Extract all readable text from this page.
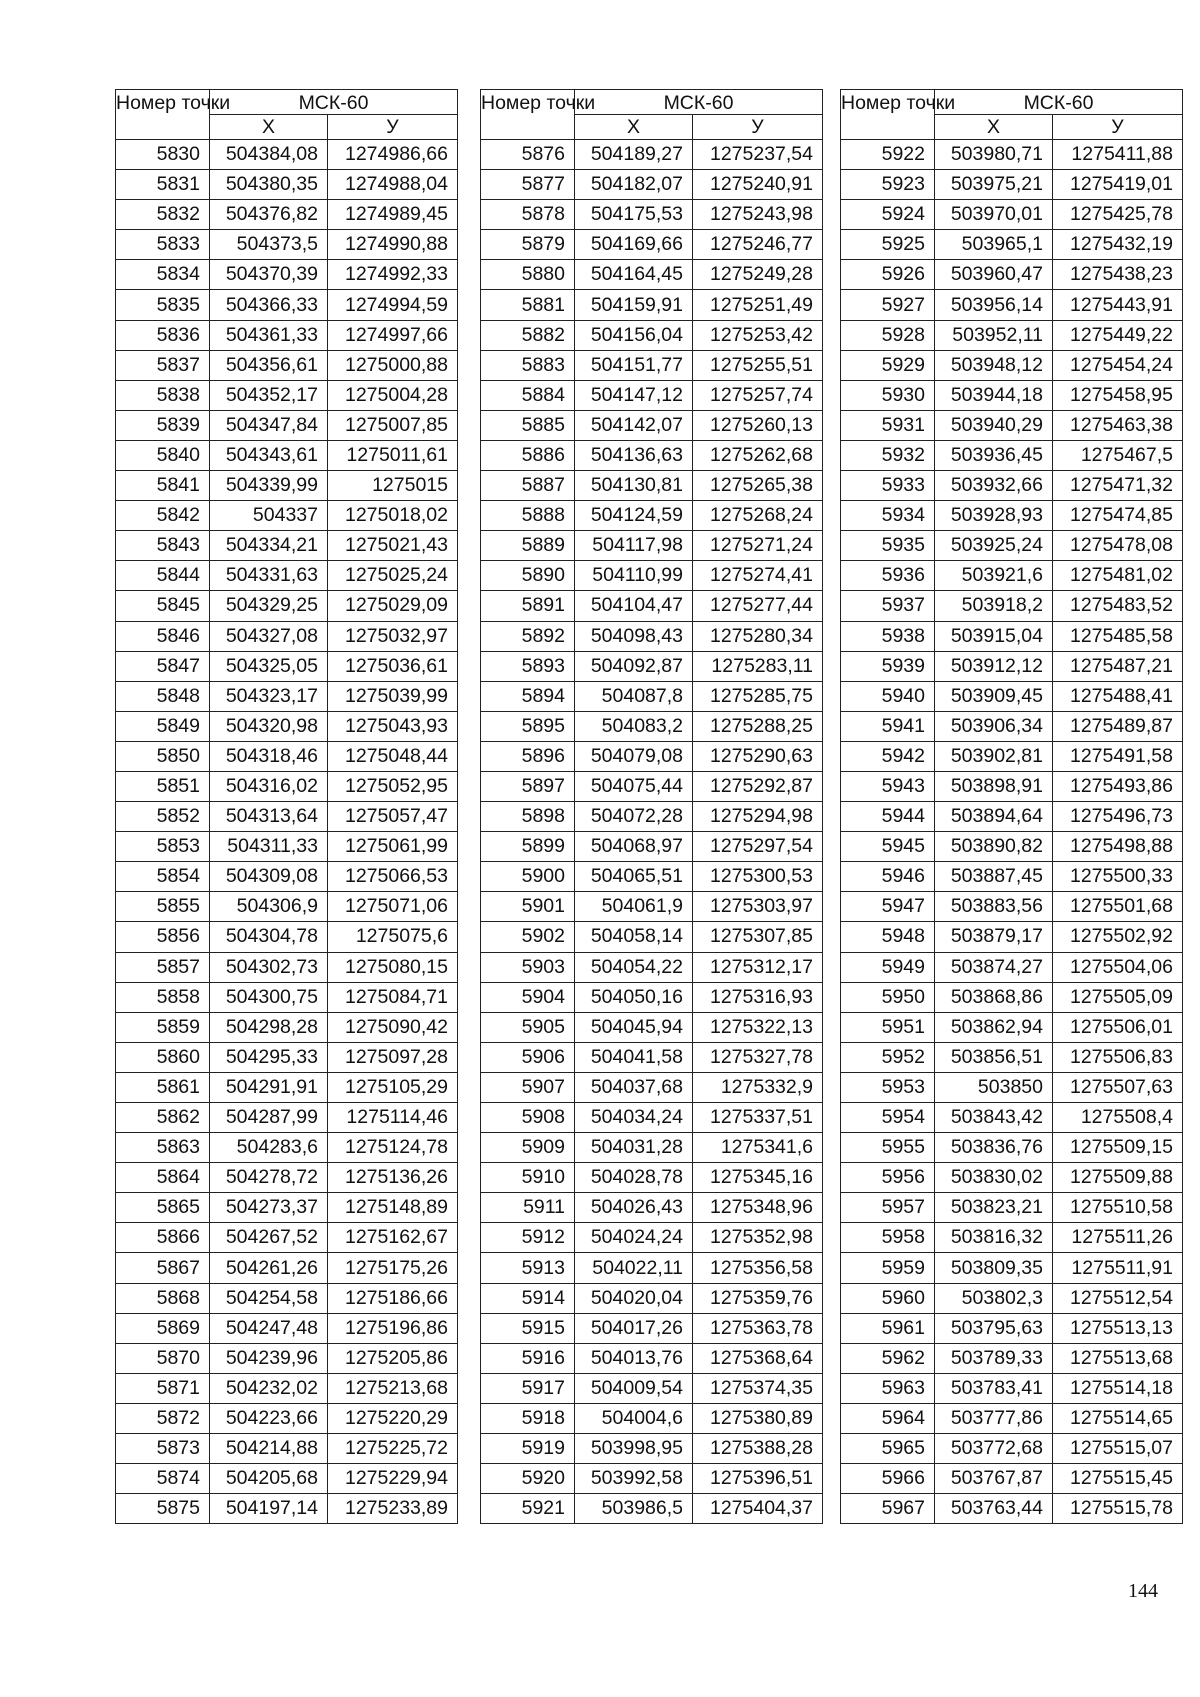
Номер точки	МСК-60	
	Х	У
5830	504384,08	1274986,66
5831	504380,35	1274988,04
5832	504376,82	1274989,45
5833	504373,5	1274990,88
5834	504370,39	1274992,33
5835	504366,33	1274994,59
5836	504361,33	1274997,66
5837	504356,61	1275000,88
5838	504352,17	1275004,28
5839	504347,84	1275007,85
5840	504343,61	1275011,61
5841	504339,99	1275015
5842	504337	1275018,02
5843	504334,21	1275021,43
5844	504331,63	1275025,24
5845	504329,25	1275029,09
5846	504327,08	1275032,97
5847	504325,05	1275036,61
5848	504323,17	1275039,99
5849	504320,98	1275043,93
5850	504318,46	1275048,44
5851	504316,02	1275052,95
5852	504313,64	1275057,47
5853	504311,33	1275061,99
5854	504309,08	1275066,53
5855	504306,9	1275071,06
5856	504304,78	1275075,6
5857	504302,73	1275080,15
5858	504300,75	1275084,71
5859	504298,28	1275090,42
5860	504295,33	1275097,28
5861	504291,91	1275105,29
5862	504287,99	1275114,46
5863	504283,6	1275124,78
5864	504278,72	1275136,26
5865	504273,37	1275148,89
5866	504267,52	1275162,67
5867	504261,26	1275175,26
5868	504254,58	1275186,66
5869	504247,48	1275196,86
5870	504239,96	1275205,86
5871	504232,02	1275213,68
5872	504223,66	1275220,29
5873	504214,88	1275225,72
5874	504205,68	1275229,94
5875	504197,14	1275233,89
Номер точки	МСК-60	
	Х	У
5876	504189,27	1275237,54
5877	504182,07	1275240,91
5878	504175,53	1275243,98
5879	504169,66	1275246,77
5880	504164,45	1275249,28
5881	504159,91	1275251,49
5882	504156,04	1275253,42
5883	504151,77	1275255,51
5884	504147,12	1275257,74
5885	504142,07	1275260,13
5886	504136,63	1275262,68
5887	504130,81	1275265,38
5888	504124,59	1275268,24
5889	504117,98	1275271,24
5890	504110,99	1275274,41
5891	504104,47	1275277,44
5892	504098,43	1275280,34
5893	504092,87	1275283,11
5894	504087,8	1275285,75
5895	504083,2	1275288,25
5896	504079,08	1275290,63
5897	504075,44	1275292,87
5898	504072,28	1275294,98
5899	504068,97	1275297,54
5900	504065,51	1275300,53
5901	504061,9	1275303,97
5902	504058,14	1275307,85
5903	504054,22	1275312,17
5904	504050,16	1275316,93
5905	504045,94	1275322,13
5906	504041,58	1275327,78
5907	504037,68	1275332,9
5908	504034,24	1275337,51
5909	504031,28	1275341,6
5910	504028,78	1275345,16
5911	504026,43	1275348,96
5912	504024,24	1275352,98
5913	504022,11	1275356,58
5914	504020,04	1275359,76
5915	504017,26	1275363,78
5916	504013,76	1275368,64
5917	504009,54	1275374,35
5918	504004,6	1275380,89
5919	503998,95	1275388,28
5920	503992,58	1275396,51
5921	503986,5	1275404,37
Номер точки	МСК-60	
	Х	У
5922	503980,71	1275411,88
5923	503975,21	1275419,01
5924	503970,01	1275425,78
5925	503965,1	1275432,19
5926	503960,47	1275438,23
5927	503956,14	1275443,91
5928	503952,11	1275449,22
5929	503948,12	1275454,24
5930	503944,18	1275458,95
5931	503940,29	1275463,38
5932	503936,45	1275467,5
5933	503932,66	1275471,32
5934	503928,93	1275474,85
5935	503925,24	1275478,08
5936	503921,6	1275481,02
5937	503918,2	1275483,52
5938	503915,04	1275485,58
5939	503912,12	1275487,21
5940	503909,45	1275488,41
5941	503906,34	1275489,87
5942	503902,81	1275491,58
5943	503898,91	1275493,86
5944	503894,64	1275496,73
5945	503890,82	1275498,88
5946	503887,45	1275500,33
5947	503883,56	1275501,68
5948	503879,17	1275502,92
5949	503874,27	1275504,06
5950	503868,86	1275505,09
5951	503862,94	1275506,01
5952	503856,51	1275506,83
5953	503850	1275507,63
5954	503843,42	1275508,4
5955	503836,76	1275509,15
5956	503830,02	1275509,88
5957	503823,21	1275510,58
5958	503816,32	1275511,26
5959	503809,35	1275511,91
5960	503802,3	1275512,54
5961	503795,63	1275513,13
5962	503789,33	1275513,68
5963	503783,41	1275514,18
5964	503777,86	1275514,65
5965	503772,68	1275515,07
5966	503767,87	1275515,45
5967	503763,44	1275515,78
144
